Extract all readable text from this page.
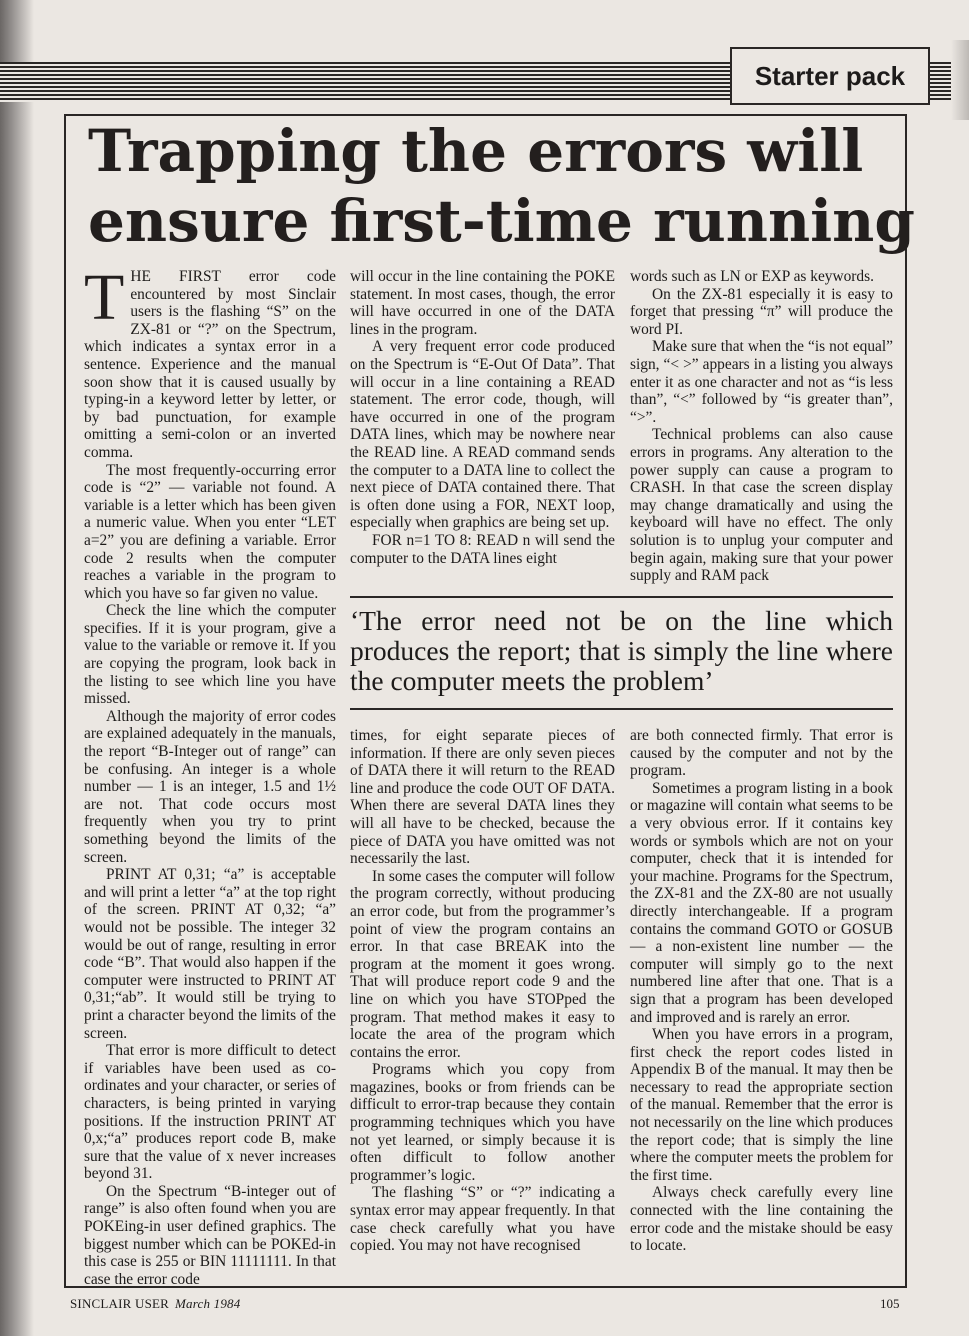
Starter pack
Trapping the errors will
ensure first-time running

THE FIRST error code encountered by most Sinclair users is the flashing “S” on the ZX-81 or “?” on the Spectrum, which indicates a syntax error in a sentence. Experience and the manual soon show that it is caused usually by typing-in a keyword letter by letter, or by bad punctuation, for example omitting a semi-colon or an inverted comma.

The most frequently-occurring error code is “2” — variable not found. A variable is a letter which has been given a numeric value. When you enter “LET a=2” you are defining a variable. Error code 2 results when the computer reaches a variable in the program to which you have so far given no value.

Check the line which the computer specifies. If it is your program, give a value to the variable or remove it. If you are copying the program, look back in the listing to see which line you have missed.

Although the majority of error codes are explained adequately in the manuals, the report “B-Integer out of range” can be confusing. An integer is a whole number — 1 is an integer, 1.5 and 1½ are not. That code occurs most frequently when you try to print something beyond the limits of the screen.

PRINT AT 0,31; “a” is acceptable and will print a letter “a” at the top right of the screen. PRINT AT 0,32; “a” would not be possible. The integer 32 would be out of range, resulting in error code “B”. That would also happen if the computer were instructed to PRINT AT 0,31;“ab”. It would still be trying to print a character beyond the limits of the screen.

That error is more difficult to detect if variables have been used as co-ordinates and your character, or series of characters, is being printed in varying positions. If the instruction PRINT AT 0,x;“a” produces report code B, make sure that the value of x never increases beyond 31.

On the Spectrum “B-integer out of range” is also often found when you are POKEing-in user defined graphics. The biggest number which can be POKEd-in this case is 255 or BIN 11111111. In that case the error code

will occur in the line containing the POKE statement. In most cases, though, the error will have occurred in one of the DATA lines in the program.

A very frequent error code produced on the Spectrum is “E-Out Of Data”. That will occur in a line containing a READ statement. The error code, though, will have occurred in one of the program DATA lines, which may be nowhere near the READ line. A READ command sends the computer to a DATA line to collect the next piece of DATA contained there. That is often done using a FOR, NEXT loop, especially when graphics are being set up.

FOR n=1 TO 8: READ n will send the computer to the DATA lines eight

words such as LN or EXP as keywords.

On the ZX-81 especially it is easy to forget that pressing “π” will produce the word PI.

Make sure that when the “is not equal” sign, “< >” appears in a listing you always enter it as one character and not as “is less than”, “<” followed by “is greater than”, “>”.

Technical problems can also cause errors in programs. Any alteration to the power supply can cause a program to CRASH. In that case the screen display may change dramatically and using the keyboard will have no effect. The only solution is to unplug your computer and begin again, making sure that your power supply and RAM pack

‘The error need not be on the line which produces the report; that is simply the line where the computer meets the problem’

times, for eight separate pieces of information. If there are only seven pieces of DATA there it will return to the READ line and produce the code OUT OF DATA. When there are several DATA lines they will all have to be checked, because the piece of DATA you have omitted was not necessarily the last.

In some cases the computer will follow the program correctly, without producing an error code, but from the programmer’s point of view the program contains an error. In that case BREAK into the program at the moment it goes wrong. That will produce report code 9 and the line on which you have STOPped the program. That method makes it easy to locate the area of the program which contains the error.

Programs which you copy from magazines, books or from friends can be difficult to error-trap because they contain programming techniques which you have not yet learned, or simply because it is often difficult to follow another programmer’s logic.

The flashing “S” or “?” indicating a syntax error may appear frequently. In that case check carefully what you have copied. You may not have recognised

are both connected firmly. That error is caused by the computer and not by the program.

Sometimes a program listing in a book or magazine will contain what seems to be a very obvious error. If it contains key words or symbols which are not on your computer, check that it is intended for your machine. Programs for the Spectrum, the ZX-81 and the ZX-80 are not usually directly interchangeable. If a program contains the command GOTO or GOSUB — a non-existent line number — the computer will simply go to the next numbered line after that one. That is a sign that a program has been developed and improved and is rarely an error.

When you have errors in a program, first check the report codes listed in Appendix B of the manual. It may then be necessary to read the appropriate section of the manual. Remember that the error is not necessarily on the line which produces the report code; that is simply the line where the computer meets the problem for the first time.

Always check carefully every line connected with the line containing the error code and the mistake should be easy to locate.

SINCLAIR USER March 1984	105
